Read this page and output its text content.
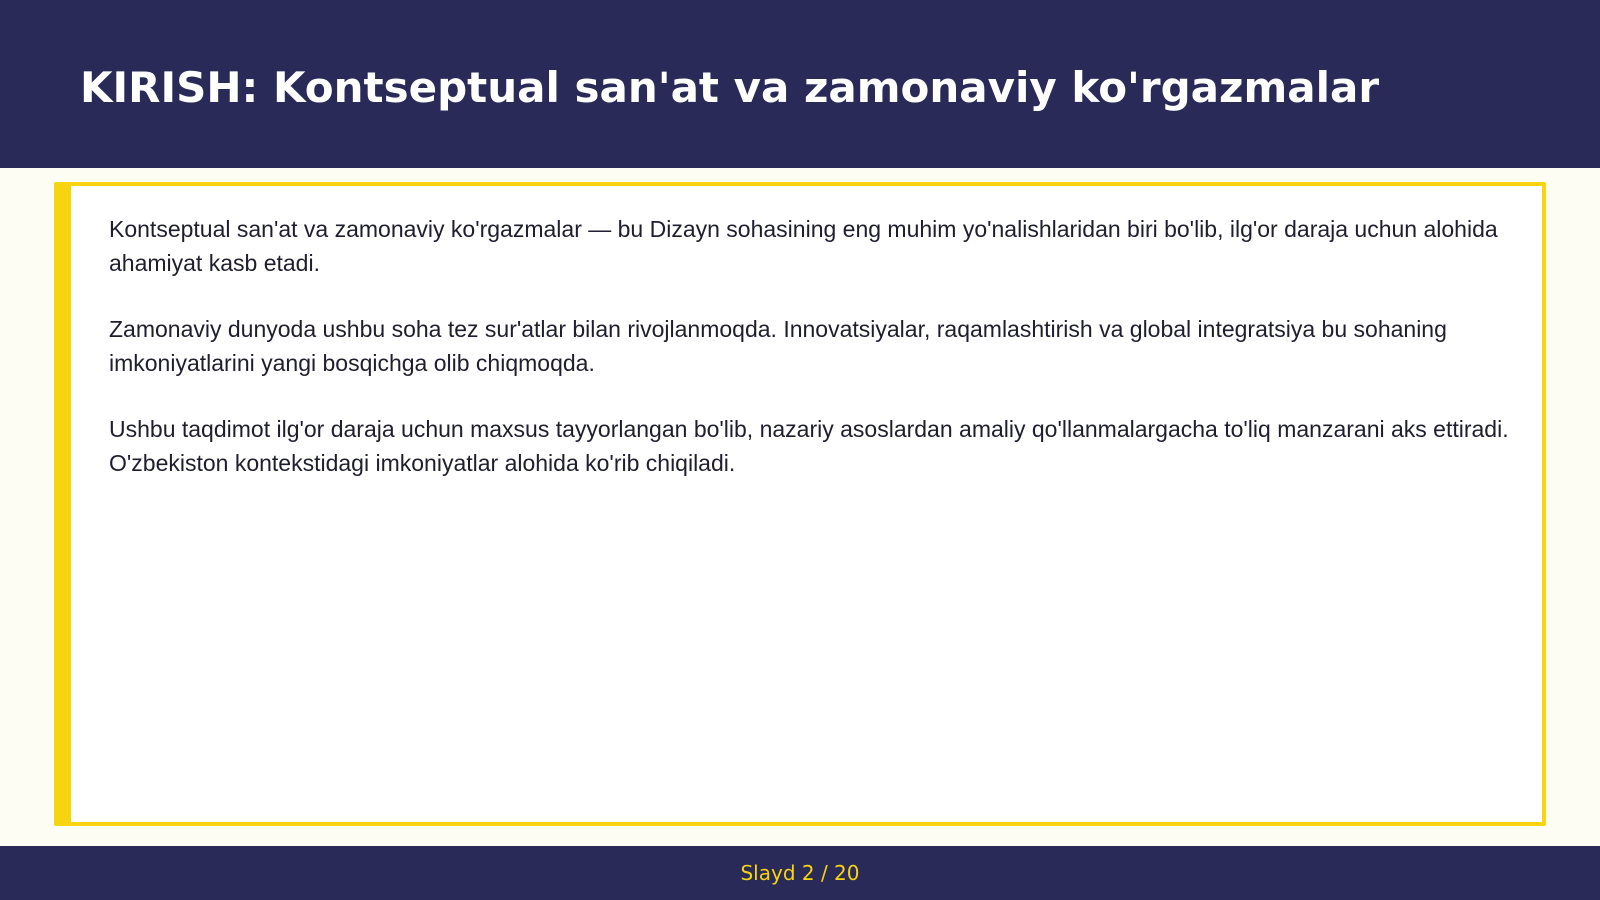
KIRISH: Kontseptual san'at va zamonaviy ko'rgazmalar

Kontseptual san'at va zamonaviy ko'rgazmalar — bu Dizayn sohasining eng muhim yo'nalishlaridan biri bo'lib, ilg'or daraja uchun alohida ahamiyat kasb etadi.

Zamonaviy dunyoda ushbu soha tez sur'atlar bilan rivojlanmoqda. Innovatsiyalar, raqamlashtirish va global integratsiya bu sohaning imkoniyatlarini yangi bosqichga olib chiqmoqda.

Ushbu taqdimot ilg'or daraja uchun maxsus tayyorlangan bo'lib, nazariy asoslardan amaliy qo'llanmalargacha to'liq manzarani aks ettiradi. O'zbekiston kontekstidagi imkoniyatlar alohida ko'rib chiqiladi.

Slayd 2 / 20
